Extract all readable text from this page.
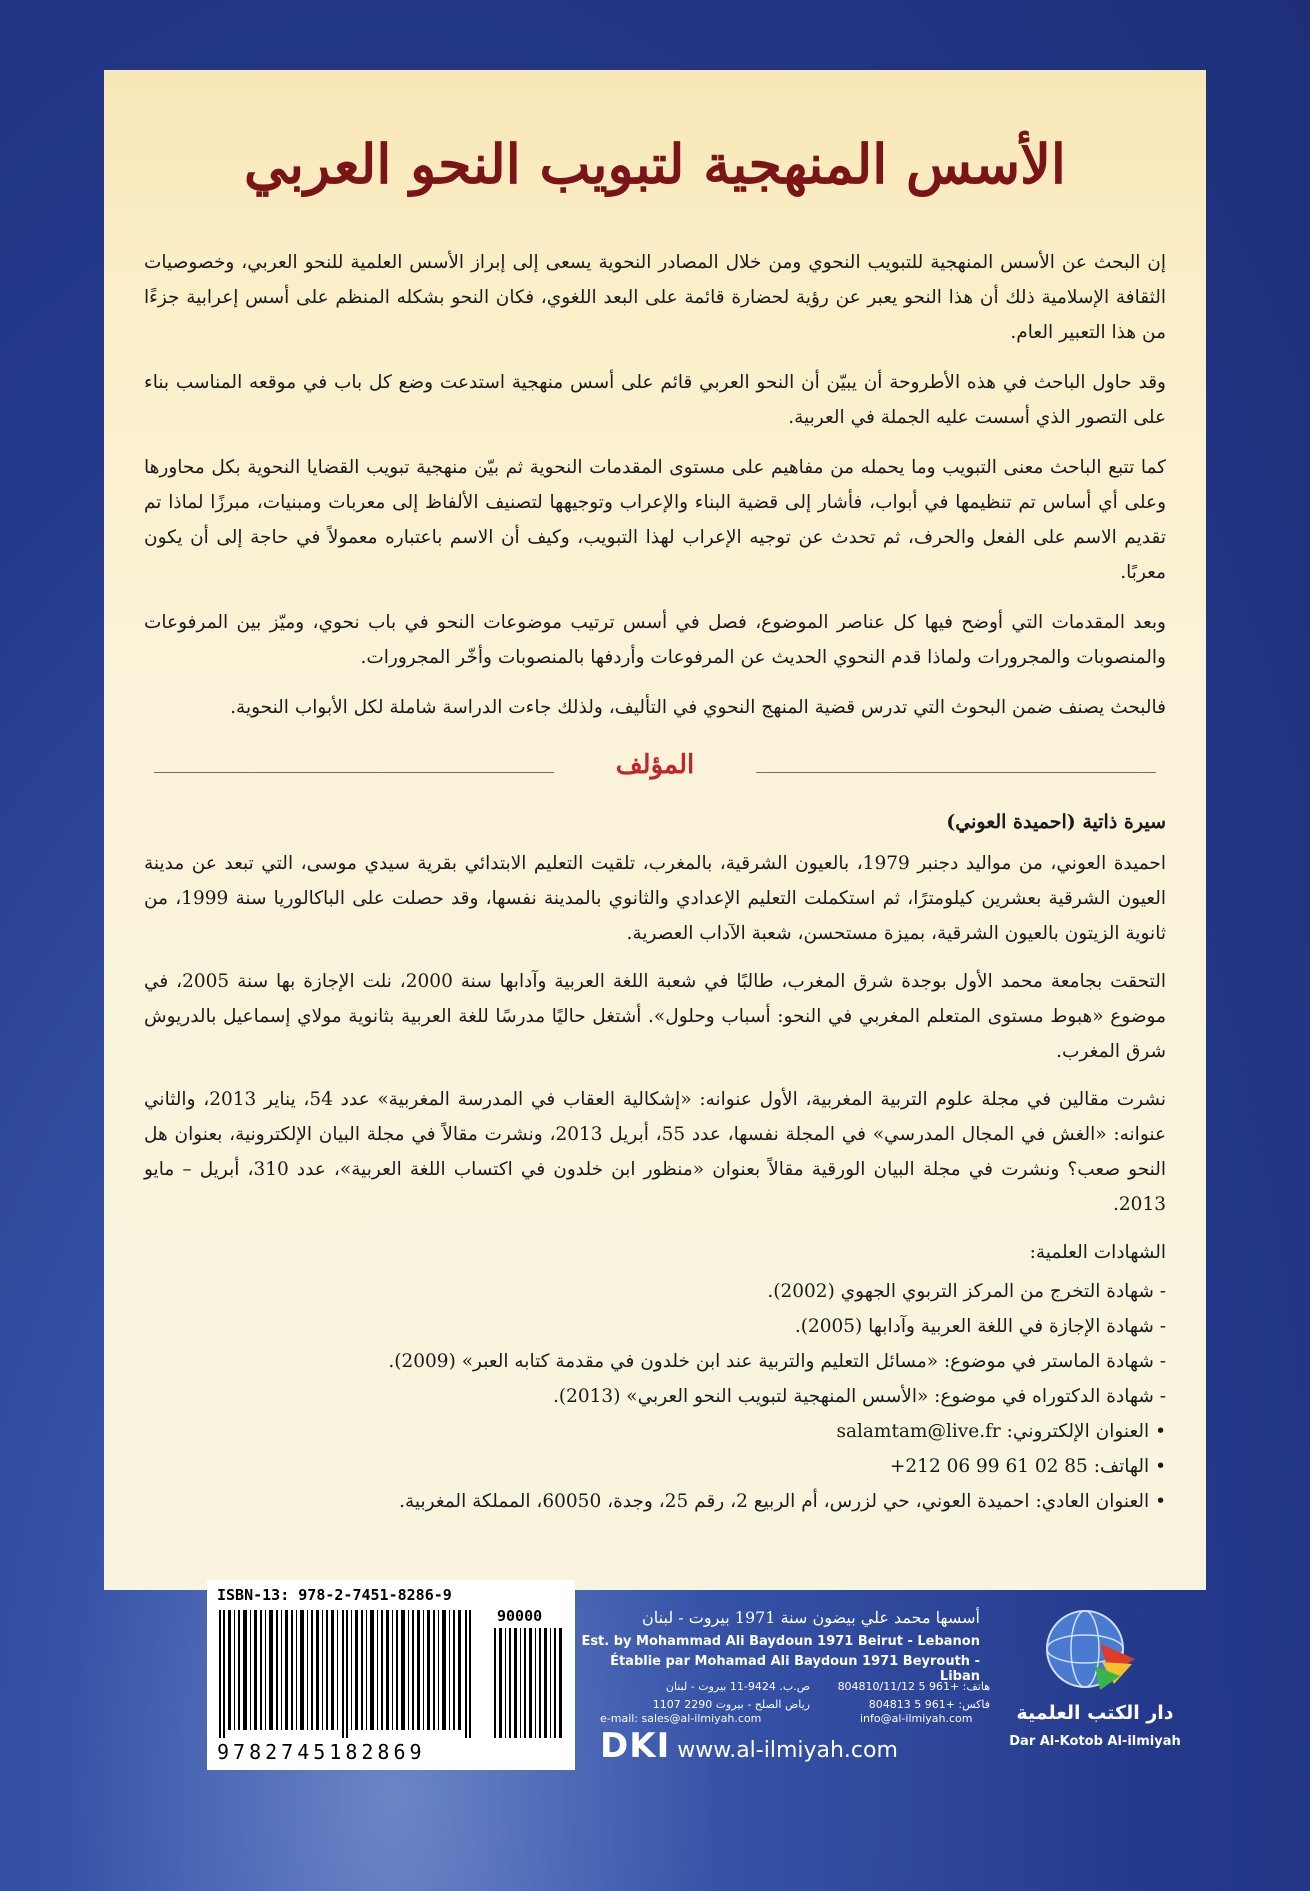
الأسس المنهجية لتبويب النحو العربي

إن البحث عن الأسس المنهجية للتبويب النحوي ومن خلال المصادر النحوية يسعى إلى إبراز الأسس العلمية للنحو العربي، وخصوصيات الثقافة الإسلامية ذلك أن هذا النحو يعبر عن رؤية لحضارة قائمة على البعد اللغوي، فكان النحو بشكله المنظم على أسس إعرابية جزءًا من هذا التعبير العام.

وقد حاول الباحث في هذه الأطروحة أن يبيّن أن النحو العربي قائم على أسس منهجية استدعت وضع كل باب في موقعه المناسب بناء على التصور الذي أسست عليه الجملة في العربية.

كما تتبع الباحث معنى التبويب وما يحمله من مفاهيم على مستوى المقدمات النحوية ثم بيّن منهجية تبويب القضايا النحوية بكل محاورها وعلى أي أساس تم تنظيمها في أبواب، فأشار إلى قضية البناء والإعراب وتوجيهها لتصنيف الألفاظ إلى معربات ومبنيات، مبرزًا لماذا تم تقديم الاسم على الفعل والحرف، ثم تحدث عن توجيه الإعراب لهذا التبويب، وكيف أن الاسم باعتباره معمولاً في حاجة إلى أن يكون معربًا.

وبعد المقدمات التي أوضح فيها كل عناصر الموضوع، فصل في أسس ترتيب موضوعات النحو في باب نحوي، وميّز بين المرفوعات والمنصوبات والمجرورات ولماذا قدم النحوي الحديث عن المرفوعات وأردفها بالمنصوبات وأخّر المجرورات.

فالبحث يصنف ضمن البحوث التي تدرس قضية المنهج النحوي في التأليف، ولذلك جاءت الدراسة شاملة لكل الأبواب النحوية.

المؤلف
سيرة ذاتية (احميدة العوني)

احميدة العوني، من مواليد دجنبر 1979، بالعيون الشرقية، بالمغرب، تلقيت التعليم الابتدائي بقرية سيدي موسى، التي تبعد عن مدينة العيون الشرقية بعشرين كيلومترًا، ثم استكملت التعليم الإعدادي والثانوي بالمدينة نفسها، وقد حصلت على الباكالوريا سنة 1999، من ثانوية الزيتون بالعيون الشرقية، بميزة مستحسن، شعبة الآداب العصرية.

التحقت بجامعة محمد الأول بوجدة شرق المغرب، طالبًا في شعبة اللغة العربية وآدابها سنة 2000، نلت الإجازة بها سنة 2005، في موضوع «هبوط مستوى المتعلم المغربي في النحو: أسباب وحلول». أشتغل حاليًا مدرسًا للغة العربية بثانوية مولاي إسماعيل بالدريوش شرق المغرب.

نشرت مقالين في مجلة علوم التربية المغربية، الأول عنوانه: «إشكالية العقاب في المدرسة المغربية» عدد 54، يناير 2013، والثاني عنوانه: «الغش في المجال المدرسي» في المجلة نفسها، عدد 55، أبريل 2013، ونشرت مقالاً في مجلة البيان الإلكترونية، بعنوان هل النحو صعب؟ ونشرت في مجلة البيان الورقية مقالاً بعنوان «منظور ابن خلدون في اكتساب اللغة العربية»، عدد 310، أبريل – مايو 2013.

الشهادات العلمية:
- شهادة التخرج من المركز التربوي الجهوي (2002).
- شهادة الإجازة في اللغة العربية وآدابها (2005).
- شهادة الماستر في موضوع: «مسائل التعليم والتربية عند ابن خلدون في مقدمة كتابه العبر» (2009).
- شهادة الدكتوراه في موضوع: «الأسس المنهجية لتبويب النحو العربي» (2013).
• العنوان الإلكتروني: salamtam@live.fr
• الهاتف: +212 06 99 61 02 85
• العنوان العادي: احميدة العوني، حي لزرس، أم الربيع 2، رقم 25، وجدة، 60050، المملكة المغربية.
دار الكتب العلمية
Dar Al-Kotob Al-ilmiyah
أسسها محمد علي بيضون سنة 1971 بيروت - لبنان
Est. by Mohammad Ali Baydoun 1971 Beirut - Lebanon
Établie par Mohamad Ali Baydoun 1971 Beyrouth - Liban
هاتف: +961 5 804810/11/12
فاكس: +961 5 804813
ص.ب. 9424-11 بيروت - لبنان
رياض الصلح - بيروت 2290 1107
e-mail: sales@al-ilmiyah.com	info@al-ilmiyah.com
DKI www.al-ilmiyah.com
ISBN-13: 978-2-7451-8286-9
90000
9782745182869
